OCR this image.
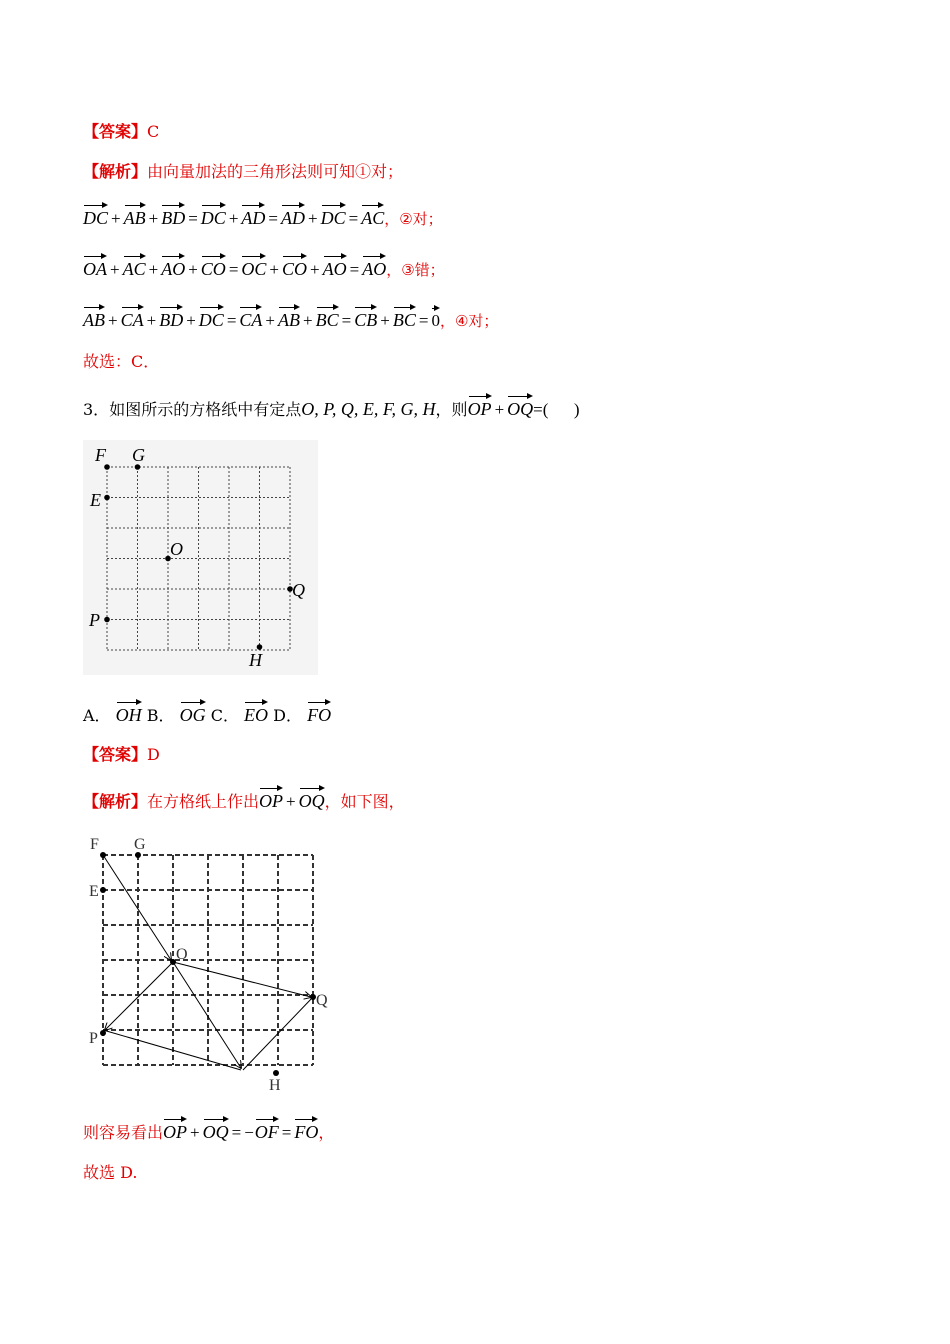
【答案】C
【解析】由向量加法的三角形法则可知①对；
DC + AB + BD = DC + AD = AD + DC = AC，②对；
OA + AC + AO + CO = OC + CO + AO = AO，③错；
AB + CA + BD + DC = CA + AB + BC = CB + BC = 0，④对；
故选：C．
3．如图所示的方格纸中有定点O, P, Q, E, F, G, H，则OP + OQ=(      )
F G
E
O
Q
P
H
A． OH B． OG C． EO D． FO
【答案】D
【解析】在方格纸上作出OP + OQ，如下图，
F G
E
O
Q
P
H
则容易看出OP + OQ = −OF = FO，
故选 D.
